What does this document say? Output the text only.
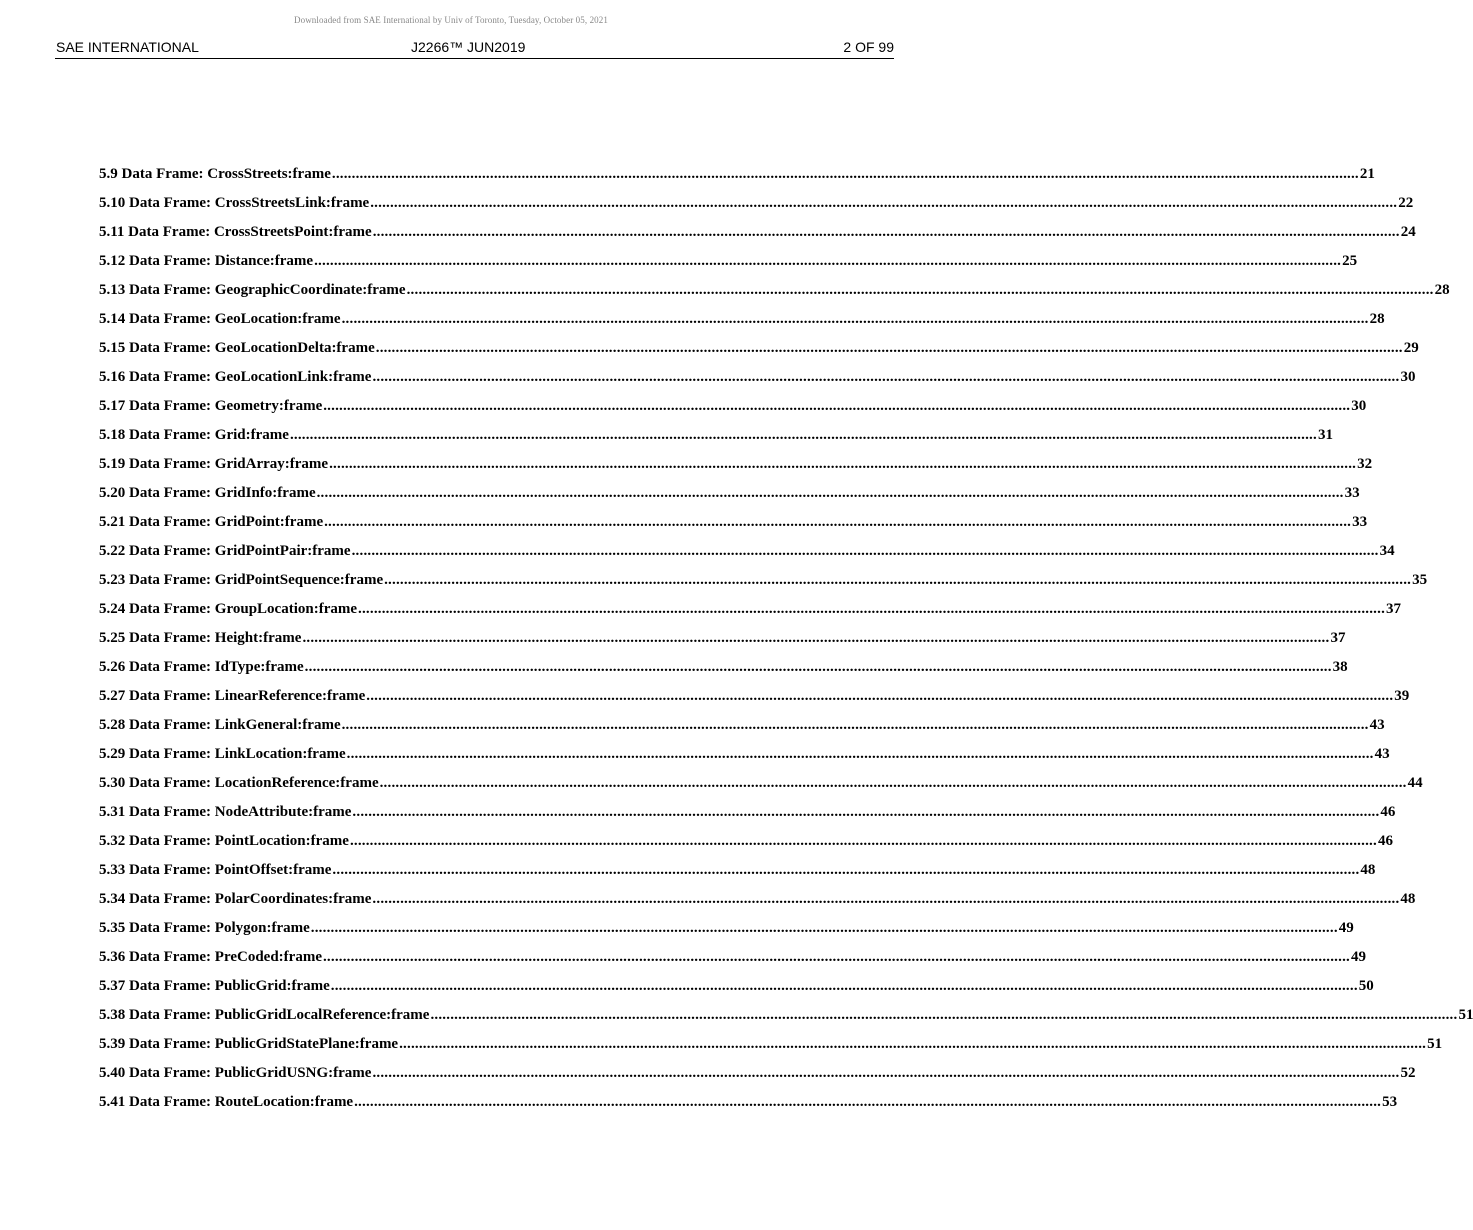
Downloaded from SAE International by Univ of Toronto, Tuesday, October 05, 2021
SAE INTERNATIONAL	J2266™ JUN2019	2 OF 99
5.9 Data Frame: CrossStreets:frame .................................................................................................................................................................................................................................................................... 21
5.10 Data Frame: CrossStreetsLink:frame .................................................................................................................................................................................................................................................................... 22
5.11 Data Frame: CrossStreetsPoint:frame .................................................................................................................................................................................................................................................................... 24
5.12 Data Frame: Distance:frame .................................................................................................................................................................................................................................................................... 25
5.13 Data Frame: GeographicCoordinate:frame .................................................................................................................................................................................................................................................................... 28
5.14 Data Frame: GeoLocation:frame .................................................................................................................................................................................................................................................................... 28
5.15 Data Frame: GeoLocationDelta:frame .................................................................................................................................................................................................................................................................... 29
5.16 Data Frame: GeoLocationLink:frame .................................................................................................................................................................................................................................................................... 30
5.17 Data Frame: Geometry:frame .................................................................................................................................................................................................................................................................... 30
5.18 Data Frame: Grid:frame .................................................................................................................................................................................................................................................................... 31
5.19 Data Frame: GridArray:frame .................................................................................................................................................................................................................................................................... 32
5.20 Data Frame: GridInfo:frame .................................................................................................................................................................................................................................................................... 33
5.21 Data Frame: GridPoint:frame .................................................................................................................................................................................................................................................................... 33
5.22 Data Frame: GridPointPair:frame .................................................................................................................................................................................................................................................................... 34
5.23 Data Frame: GridPointSequence:frame .................................................................................................................................................................................................................................................................... 35
5.24 Data Frame: GroupLocation:frame .................................................................................................................................................................................................................................................................... 37
5.25 Data Frame: Height:frame .................................................................................................................................................................................................................................................................... 37
5.26 Data Frame: IdType:frame .................................................................................................................................................................................................................................................................... 38
5.27 Data Frame: LinearReference:frame .................................................................................................................................................................................................................................................................... 39
5.28 Data Frame: LinkGeneral:frame .................................................................................................................................................................................................................................................................... 43
5.29 Data Frame: LinkLocation:frame .................................................................................................................................................................................................................................................................... 43
5.30 Data Frame: LocationReference:frame .................................................................................................................................................................................................................................................................... 44
5.31 Data Frame: NodeAttribute:frame .................................................................................................................................................................................................................................................................... 46
5.32 Data Frame: PointLocation:frame .................................................................................................................................................................................................................................................................... 46
5.33 Data Frame: PointOffset:frame .................................................................................................................................................................................................................................................................... 48
5.34 Data Frame: PolarCoordinates:frame .................................................................................................................................................................................................................................................................... 48
5.35 Data Frame: Polygon:frame .................................................................................................................................................................................................................................................................... 49
5.36 Data Frame: PreCoded:frame .................................................................................................................................................................................................................................................................... 49
5.37 Data Frame: PublicGrid:frame .................................................................................................................................................................................................................................................................... 50
5.38 Data Frame: PublicGridLocalReference:frame .................................................................................................................................................................................................................................................................... 51
5.39 Data Frame: PublicGridStatePlane:frame .................................................................................................................................................................................................................................................................... 51
5.40 Data Frame: PublicGridUSNG:frame .................................................................................................................................................................................................................................................................... 52
5.41 Data Frame: RouteLocation:frame .................................................................................................................................................................................................................................................................... 53
